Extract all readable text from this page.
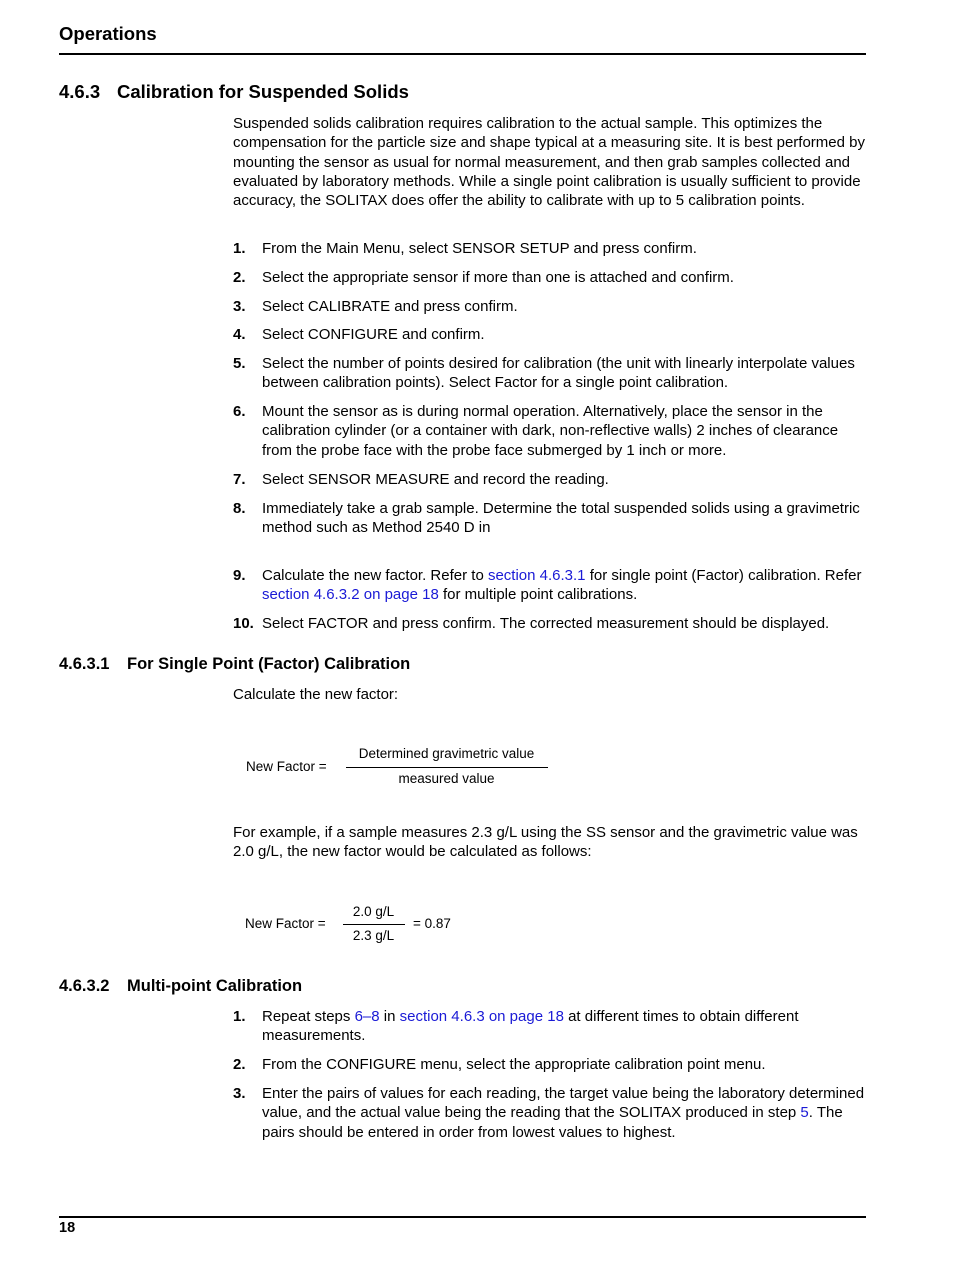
Operations
4.6.3 Calibration for Suspended Solids
Suspended solids calibration requires calibration to the actual sample. This optimizes the compensation for the particle size and shape typical at a measuring site. It is best performed by mounting the sensor as usual for normal measurement, and then grab samples collected and evaluated by laboratory methods. While a single point calibration is usually sufficient to provide accuracy, the SOLITAX does offer the ability to calibrate with up to 5 calibration points.
1. From the Main Menu, select SENSOR SETUP and press confirm.
2. Select the appropriate sensor if more than one is attached and confirm.
3. Select CALIBRATE and press confirm.
4. Select CONFIGURE and confirm.
5. Select the number of points desired for calibration (the unit with linearly interpolate values between calibration points). Select Factor for a single point calibration.
6. Mount the sensor as is during normal operation. Alternatively, place the sensor in the calibration cylinder (or a container with dark, non-reflective walls) 2 inches of clearance from the probe face with the probe face submerged by 1 inch or more.
7. Select SENSOR MEASURE and record the reading.
8. Immediately take a grab sample. Determine the total suspended solids using a gravimetric method such as Method 2540 D in
9. Calculate the new factor. Refer to section 4.6.3.1 for single point (Factor) calibration. Refer section 4.6.3.2 on page 18 for multiple point calibrations.
10. Select FACTOR and press confirm. The corrected measurement should be displayed.
4.6.3.1 For Single Point (Factor) Calibration
Calculate the new factor:
New Factor =
Determined gravimetric value
measured value
For example, if a sample measures 2.3 g/L using the SS sensor and the gravimetric value was 2.0 g/L, the new factor would be calculated as follows:
New Factor =
2.0 g/L
2.3 g/L
= 0.87
4.6.3.2 Multi-point Calibration
1. Repeat steps 6–8 in section 4.6.3 on page 18 at different times to obtain different measurements.
2. From the CONFIGURE menu, select the appropriate calibration point menu.
3. Enter the pairs of values for each reading, the target value being the laboratory determined value, and the actual value being the reading that the SOLITAX produced in step 5. The pairs should be entered in order from lowest values to highest.
18
